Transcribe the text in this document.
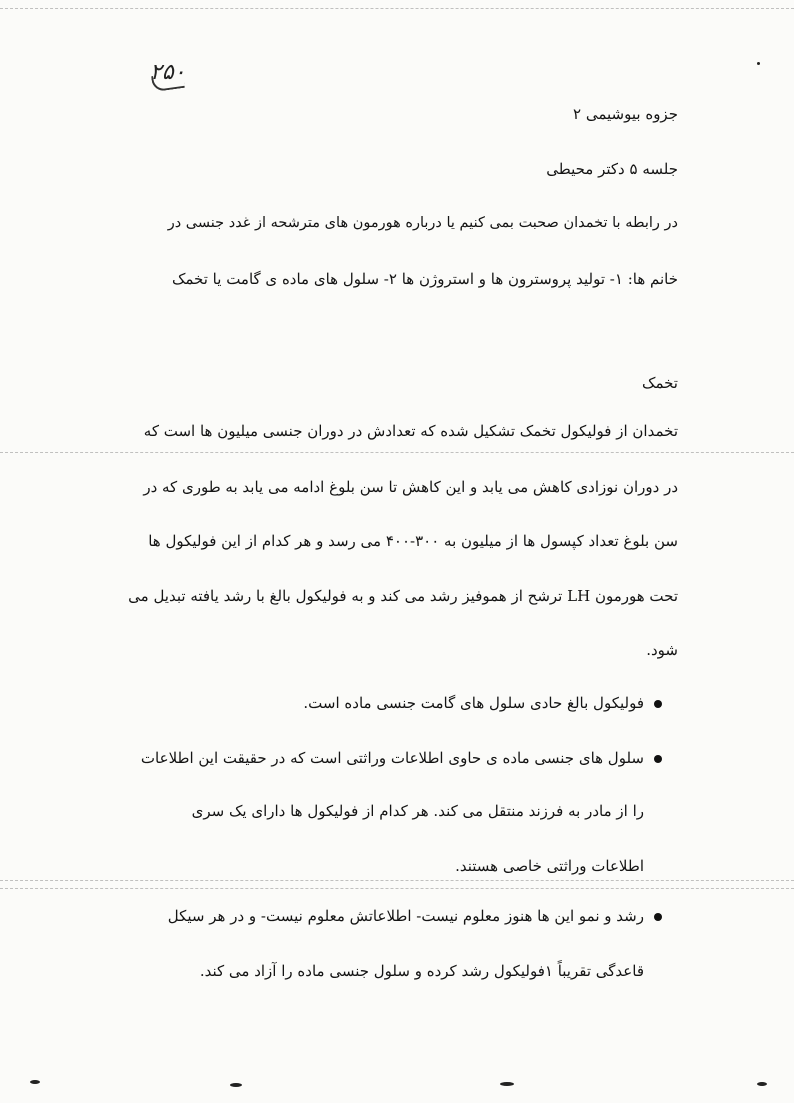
۲۵۰
جزوه بیوشیمی ۲
جلسه ۵ دکتر محیطی
در رابطه با تخمدان صحبت بمی کنیم یا درباره هورمون های مترشحه از غدد جنسی در
خانم ها: ۱- تولید پروسترون ها و استروژن ها ۲- سلول های ماده ی گامت یا تخمک
تخمک
تخمدان از فولیکول تخمک تشکیل شده که تعدادش در دوران جنسی میلیون ها است که
در دوران نوزادی کاهش می یابد و این کاهش تا سن بلوغ ادامه می یابد به طوری که در
سن بلوغ تعداد کپسول ها از میلیون به ۳۰۰-۴۰۰ می رسد و هر کدام از این فولیکول ها
تحت هورمون LH ترشح از هموفیز رشد می کند و به فولیکول بالغ با رشد یافته تبدیل می
شود.
فولیکول بالغ حادی سلول های گامت جنسی ماده است.
سلول های جنسی ماده ی حاوی اطلاعات وراثتی است که در حقیقت این اطلاعات
را از مادر به فرزند منتقل می کند. هر کدام از فولیکول ها دارای یک سری
اطلاعات وراثتی خاصی هستند.
رشد و نمو این ها هنوز معلوم نیست- اطلاعاتش معلوم نیست- و در هر سیکل
قاعدگی تقریباً ۱فولیکول رشد کرده و سلول جنسی ماده را آزاد می کند.
